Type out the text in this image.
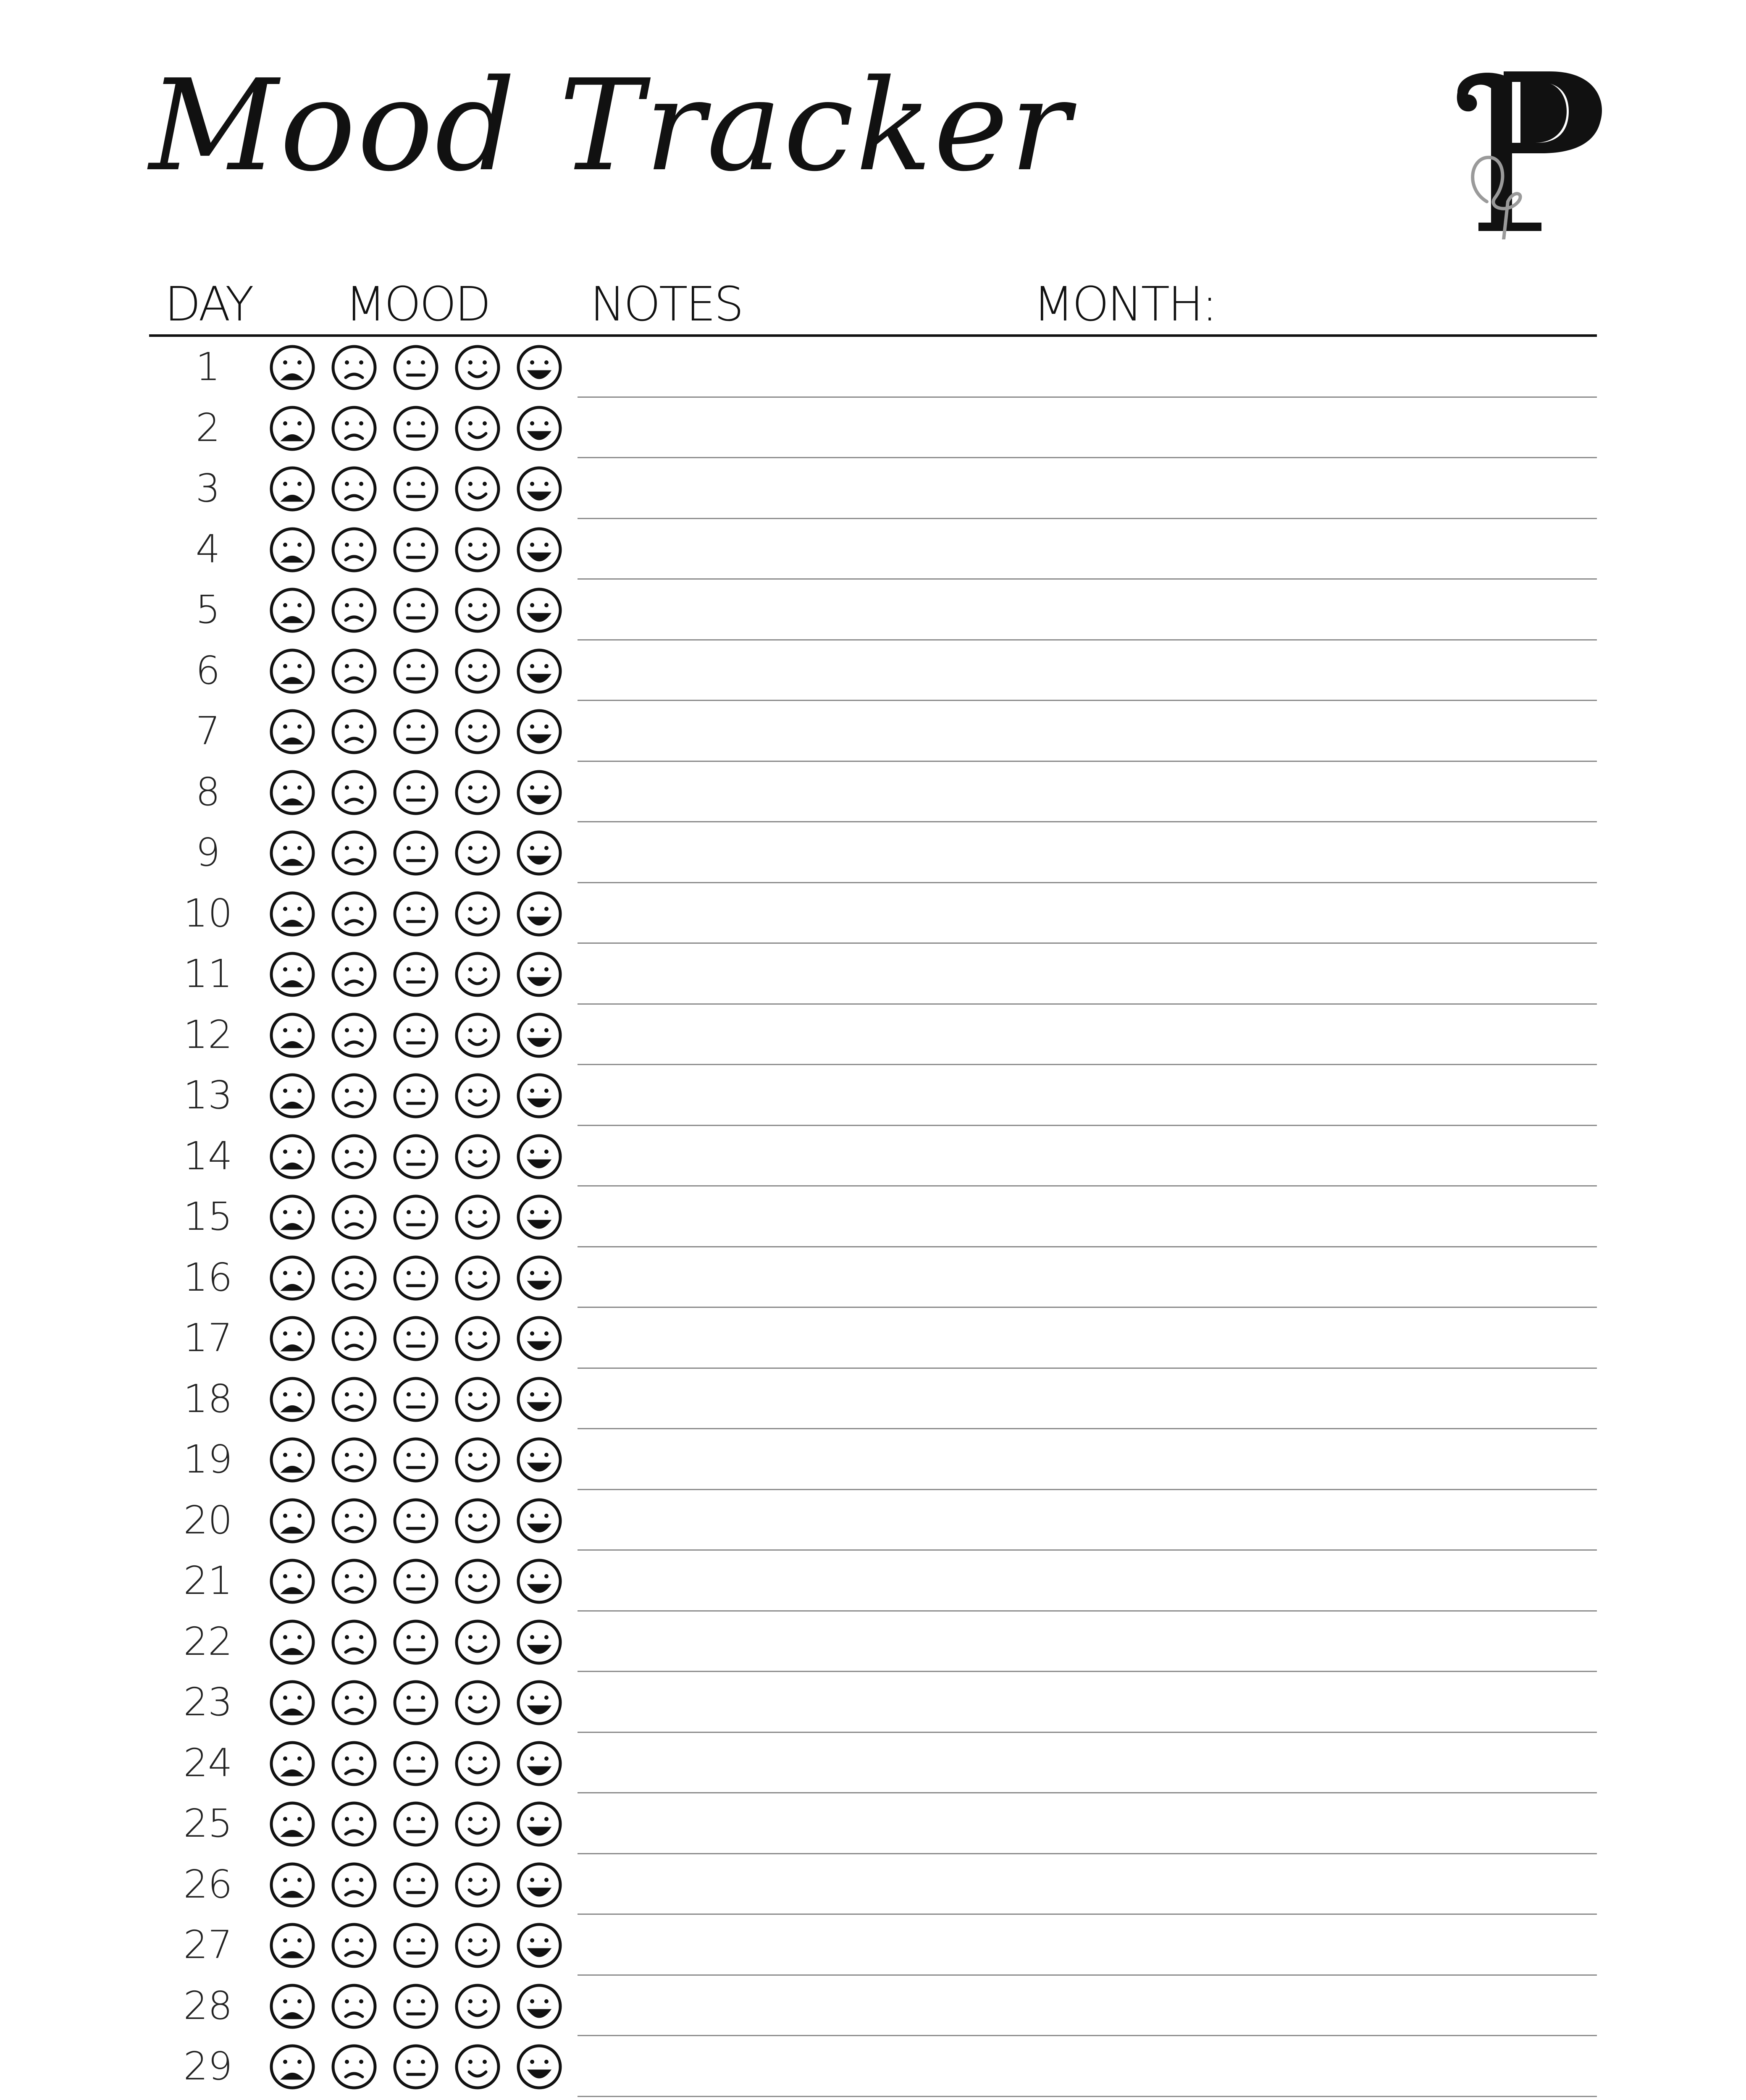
Mood Tracker
DAY MOOD NOTES	MONTH:
1
2
3
4
5
6
7
8
9
10
11
12
13
14
15
16
17
18
19
20
21
22
23
24
25
26
27
28
29
